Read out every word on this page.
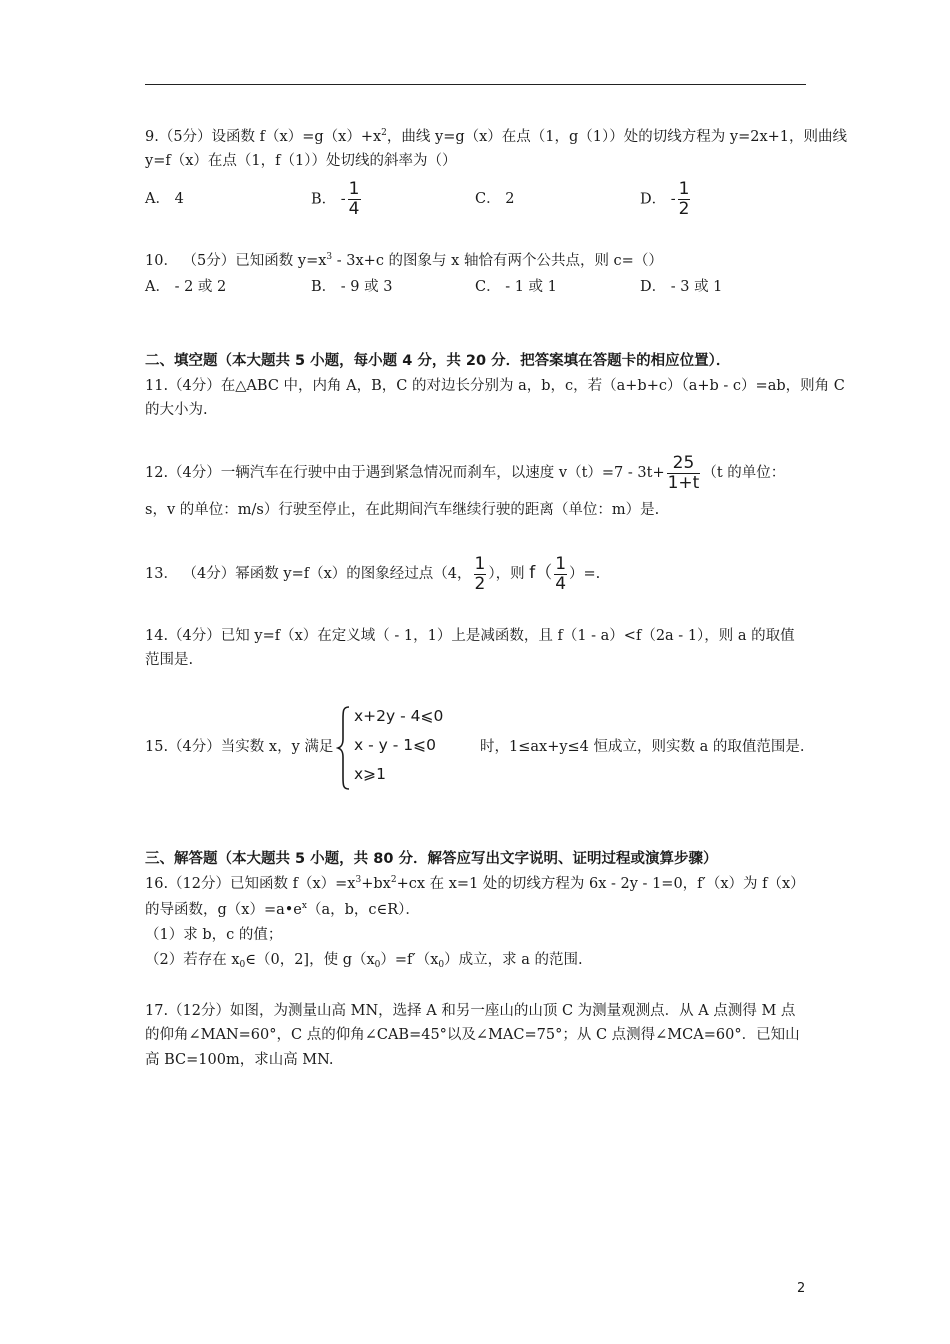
9.（5分）设函数 $f(x)=g(x)+x^2$，曲线 y=g（x）在点（1，g（1））处的切线方程为 y=2x+1，则曲线
y=f（x）在点（1，f（1））处切线的斜率为（）
A． 4	B． - $\frac{1}{4}$	C． 2	D． - $\frac{1}{2}$
10． （5分）已知函数 $y=x^3 - 3x+c$ 的图象与 x 轴恰有两个公共点，则 c=（）
A． - 2 或 2	B． - 9 或 3	C． - 1 或 1	D． - 3 或 1
二、填空题（本大题共 5 小题，每小题 4 分，共 20 分．把答案填在答题卡的相应位置）．
11.（4分）在△ABC 中，内角 A，B，C 的对边长分别为 a，b，c，若（a+b+c）（a+b - c）=ab，则角 C
的大小为.
12.（4分）一辆汽车在行驶中由于遇到紧急情况而刹车，以速度 $v(t)=7 - 3t+ \frac{25}{1+t} (t$ 的单位：
s，v 的单位：m/s）行驶至停止，在此期间汽车继续行驶的距离（单位：m）是.
13． （4分）幂函数 y=f（x）的图象经过点（4， $\frac{1}{2}$ ），则 $f( \frac{1}{4}$ ）=.
14.（4分）已知 y=f（x）在定义域（ - 1，1）上是减函数，且 f（1 - a）<f（2a - 1），则 a 的取值
范围是.
15.（4分）当实数 x，y 满足
x+2y - 4⩽0
x - y - 1⩽0
x⩾1
时，1≤ax+y≤4 恒成立，则实数 a 的取值范围是.
三、解答题（本大题共 5 小题，共 80 分．解答应写出文字说明、证明过程或演算步骤）
16.（12分）已知函数 $f(x)=x^3+bx^2+cx$ 在 x=1 处的切线方程为 6x - 2y - 1=0，f′（x）为 f（x）
的导函数，$g(x)=a•e^x(a$，b，c∈R）．
（1）求 b，c 的值；
（2）若存在 $x_0\in(0$，2]，使 $g(x_0)=f'(x_0)$成立，求 a 的范围.
17.（12分）如图，为测量山高 MN，选择 A 和另一座山的山顶 C 为测量观测点．从 A 点测得 M 点
的仰角∠MAN=60°，C 点的仰角∠CAB=45°以及∠MAC=75°；从 C 点测得∠MCA=60°．已知山
高 BC=100m，求山高 MN.
2
